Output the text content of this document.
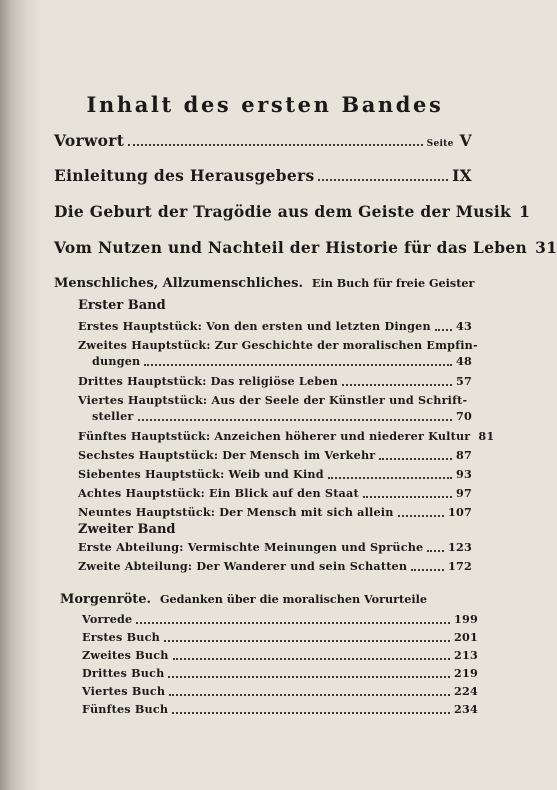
Inhalt des ersten Bandes
Vorwort	Seite V
Einleitung des Herausgebers	IX
Die Geburt der Tragödie aus dem Geiste der Musik 1
Vom Nutzen und Nachteil der Historie für das Leben 31
Menschliches, Allzumenschliches. Ein Buch für freie Geister
Erster Band
Erstes Hauptstück: Von den ersten und letzten Dingen 43
Zweites Hauptstück: Zur Geschichte der moralischen Empfin-
dungen	48
Drittes Hauptstück: Das religiöse Leben	57
Viertes Hauptstück: Aus der Seele der Künstler und Schrift-
steller	70
Fünftes Hauptstück: Anzeichen höherer und niederer Kultur 81
Sechstes Hauptstück: Der Mensch im Verkehr	87
Siebentes Hauptstück: Weib und Kind	93
Achtes Hauptstück: Ein Blick auf den Staat	97
Neuntes Hauptstück: Der Mensch mit sich allein	107
Zweiter Band
Erste Abteilung: Vermischte Meinungen und Sprüche 123
Zweite Abteilung: Der Wanderer und sein Schatten	172
Morgenröte. Gedanken über die moralischen Vorurteile
Vorrede	199
Erstes Buch	201
Zweites Buch	213
Drittes Buch	219
Viertes Buch	224
Fünftes Buch	234
